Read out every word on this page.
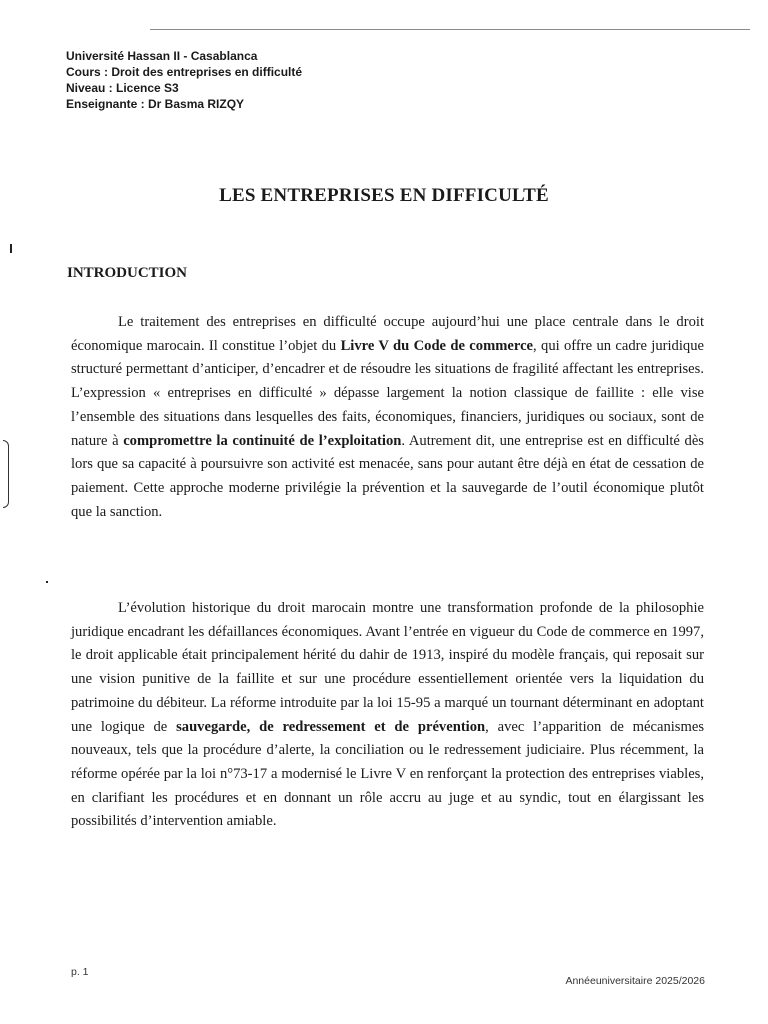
Université Hassan II - Casablanca
Cours : Droit des entreprises en difficulté
Niveau : Licence S3
Enseignante : Dr Basma RIZQY
LES ENTREPRISES EN DIFFICULTÉ
INTRODUCTION

Le traitement des entreprises en difficulté occupe aujourd’hui une place centrale dans le droit économique marocain. Il constitue l’objet du Livre V du Code de commerce, qui offre un cadre juridique structuré permettant d’anticiper, d’encadrer et de résoudre les situations de fragilité affectant les entreprises. L’expression « entreprises en difficulté » dépasse largement la notion classique de faillite : elle vise l’ensemble des situations dans lesquelles des faits, économiques, financiers, juridiques ou sociaux, sont de nature à compromettre la continuité de l’exploitation. Autrement dit, une entreprise est en difficulté dès lors que sa capacité à poursuivre son activité est menacée, sans pour autant être déjà en état de cessation de paiement. Cette approche moderne privilégie la prévention et la sauvegarde de l’outil économique plutôt que la sanction.

L’évolution historique du droit marocain montre une transformation profonde de la philosophie juridique encadrant les défaillances économiques. Avant l’entrée en vigueur du Code de commerce en 1997, le droit applicable était principalement hérité du dahir de 1913, inspiré du modèle français, qui reposait sur une vision punitive de la faillite et sur une procédure essentiellement orientée vers la liquidation du patrimoine du débiteur. La réforme introduite par la loi 15-95 a marqué un tournant déterminant en adoptant une logique de sauvegarde, de redressement et de prévention, avec l’apparition de mécanismes nouveaux, tels que la procédure d’alerte, la conciliation ou le redressement judiciaire. Plus récemment, la réforme opérée par la loi n°73-17 a modernisé le Livre V en renforçant la protection des entreprises viables, en clarifiant les procédures et en donnant un rôle accru au juge et au syndic, tout en élargissant les possibilités d’intervention amiable.

p. 1
Annéeuniversitaire 2025/2026
